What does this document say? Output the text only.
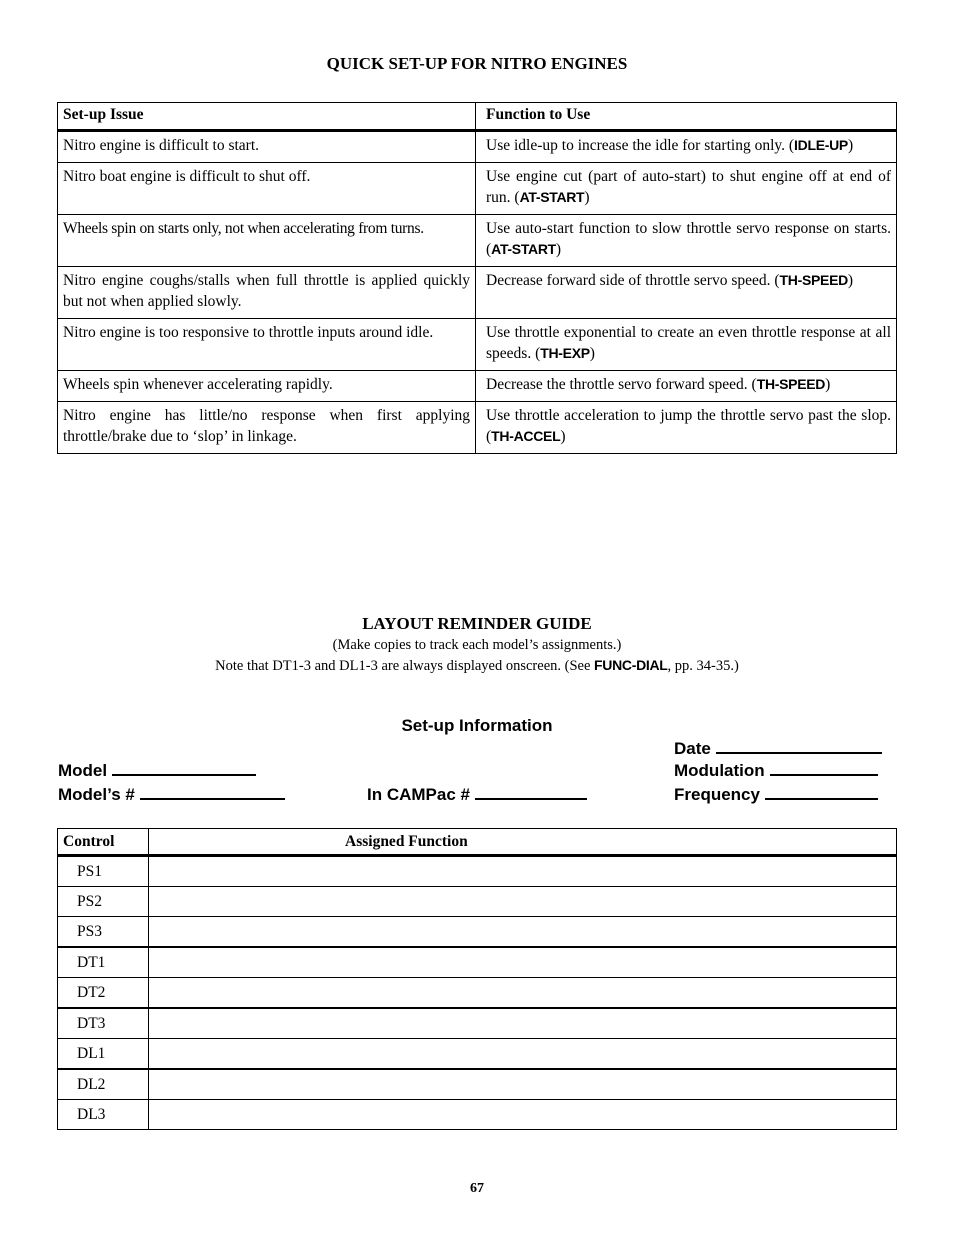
QUICK SET-UP FOR NITRO ENGINES
Set-up Issue	Function to Use
Nitro engine is difficult to start.	Use idle-up to increase the idle for starting only. (IDLE-UP)
Nitro boat engine is difficult to shut off.	Use engine cut (part of auto-start) to shut engine off at end of run. (AT-START)
Wheels spin on starts only, not when accelerating from turns.	Use auto-start function to slow throttle servo response on starts. (AT-START)
Nitro engine coughs/stalls when full throttle is applied quickly but not when applied slowly.	Decrease forward side of throttle servo speed. (TH-SPEED)
Nitro engine is too responsive to throttle inputs around idle.	Use throttle exponential to create an even throttle response at all speeds. (TH-EXP)
Wheels spin whenever accelerating rapidly.	Decrease the throttle servo forward speed. (TH-SPEED)
Nitro engine has little/no response when first applying throttle/brake due to ‘slop’ in linkage.	Use throttle acceleration to jump the throttle servo past the slop. (TH-ACCEL)
LAYOUT REMINDER GUIDE
(Make copies to track each model’s assignments.)
Note that DT1-3 and DL1-3 are always displayed onscreen. (See FUNC-DIAL, pp. 34-35.)
Set-up Information
Date
Model	Modulation
Model’s #	In CAMPac #	Frequency
Control	Assigned Function
PS1	
PS2	
PS3	
DT1	
DT2	
DT3	
DL1	
DL2	
DL3	
67
